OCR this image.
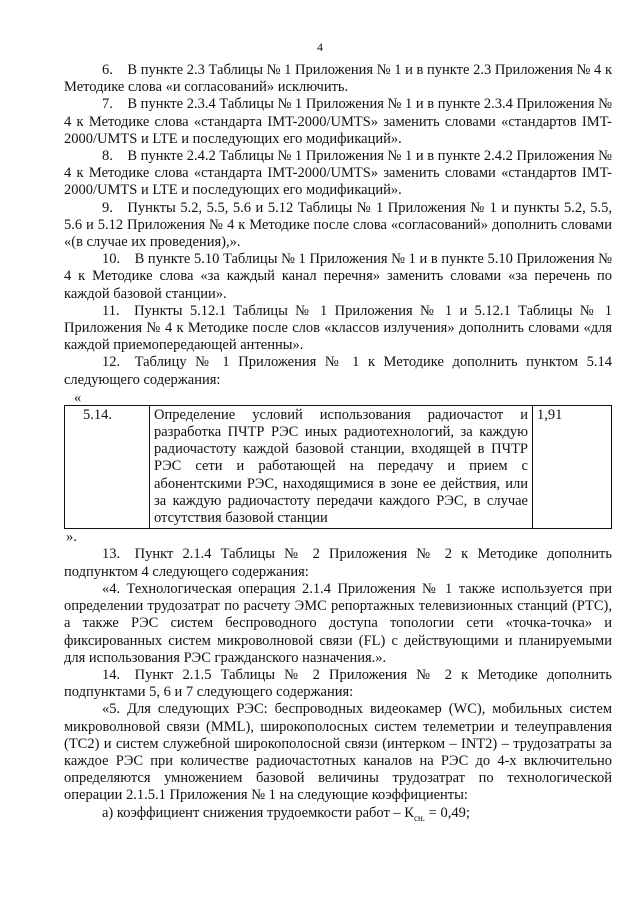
4

6. В пункте 2.3 Таблицы № 1 Приложения № 1 и в пункте 2.3 Приложения № 4 к Методике слова «и согласований» исключить.

7. В пункте 2.3.4 Таблицы № 1 Приложения № 1 и в пункте 2.3.4 Приложения № 4 к Методике слова «стандарта IMT-2000/UMTS» заменить словами «стандартов IMT-2000/UMTS и LTE и последующих его модификаций».

8. В пункте 2.4.2 Таблицы № 1 Приложения № 1 и в пункте 2.4.2 Приложения № 4 к Методике слова «стандарта IMT-2000/UMTS» заменить словами «стандартов IMT-2000/UMTS и LTE и последующих его модификаций».

9. Пункты 5.2, 5.5, 5.6 и 5.12 Таблицы № 1 Приложения № 1 и пункты 5.2, 5.5, 5.6 и 5.12 Приложения № 4 к Методике после слова «согласований» дополнить словами «(в случае их проведения),».

10. В пункте 5.10 Таблицы № 1 Приложения № 1 и в пункте 5.10 Приложения № 4 к Методике слова «за каждый канал перечня» заменить словами «за перечень по каждой базовой станции».

11. Пункты 5.12.1 Таблицы № 1 Приложения № 1 и 5.12.1 Таблицы № 1 Приложения № 4 к Методике после слов «классов излучения» дополнить словами «для каждой приемопередающей антенны».

12. Таблицу № 1 Приложения № 1 к Методике дополнить пунктом 5.14 следующего содержания:

«
5.14.	Определение условий использования радиочастот и разработка ПЧТР РЭС иных радиотехнологий, за каждую радиочастоту каждой базовой станции, входящей в ПЧТР РЭС сети и работающей на передачу и прием с абонентскими РЭС, находящимися в зоне ее действия, или за каждую радиочастоту передачи каждого РЭС, в случае отсутствия базовой станции	1,91
».

13. Пункт 2.1.4 Таблицы № 2 Приложения № 2 к Методике дополнить подпунктом 4 следующего содержания:

«4. Технологическая операция 2.1.4 Приложения № 1 также используется при определении трудозатрат по расчету ЭМС репортажных телевизионных станций (РТС), а также РЭС систем беспроводного доступа топологии сети «точка-точка» и фиксированных систем микроволновой связи (FL) с действующими и планируемыми для использования РЭС гражданского назначения.».

14. Пункт 2.1.5 Таблицы № 2 Приложения № 2 к Методике дополнить подпунктами 5, 6 и 7 следующего содержания:

«5. Для следующих РЭС: беспроводных видеокамер (WC), мобильных систем микроволновой связи (MML), широкополосных систем телеметрии и телеуправления (TC2) и систем служебной широкополосной связи (интерком – INT2) – трудозатраты за каждое РЭС при количестве радиочастотных каналов на РЭС до 4-х включительно определяются умножением базовой величины трудозатрат по технологической операции 2.1.5.1 Приложения № 1 на следующие коэффициенты:

а) коэффициент снижения трудоемкости работ – $К_{сн.} = 0,49$;
